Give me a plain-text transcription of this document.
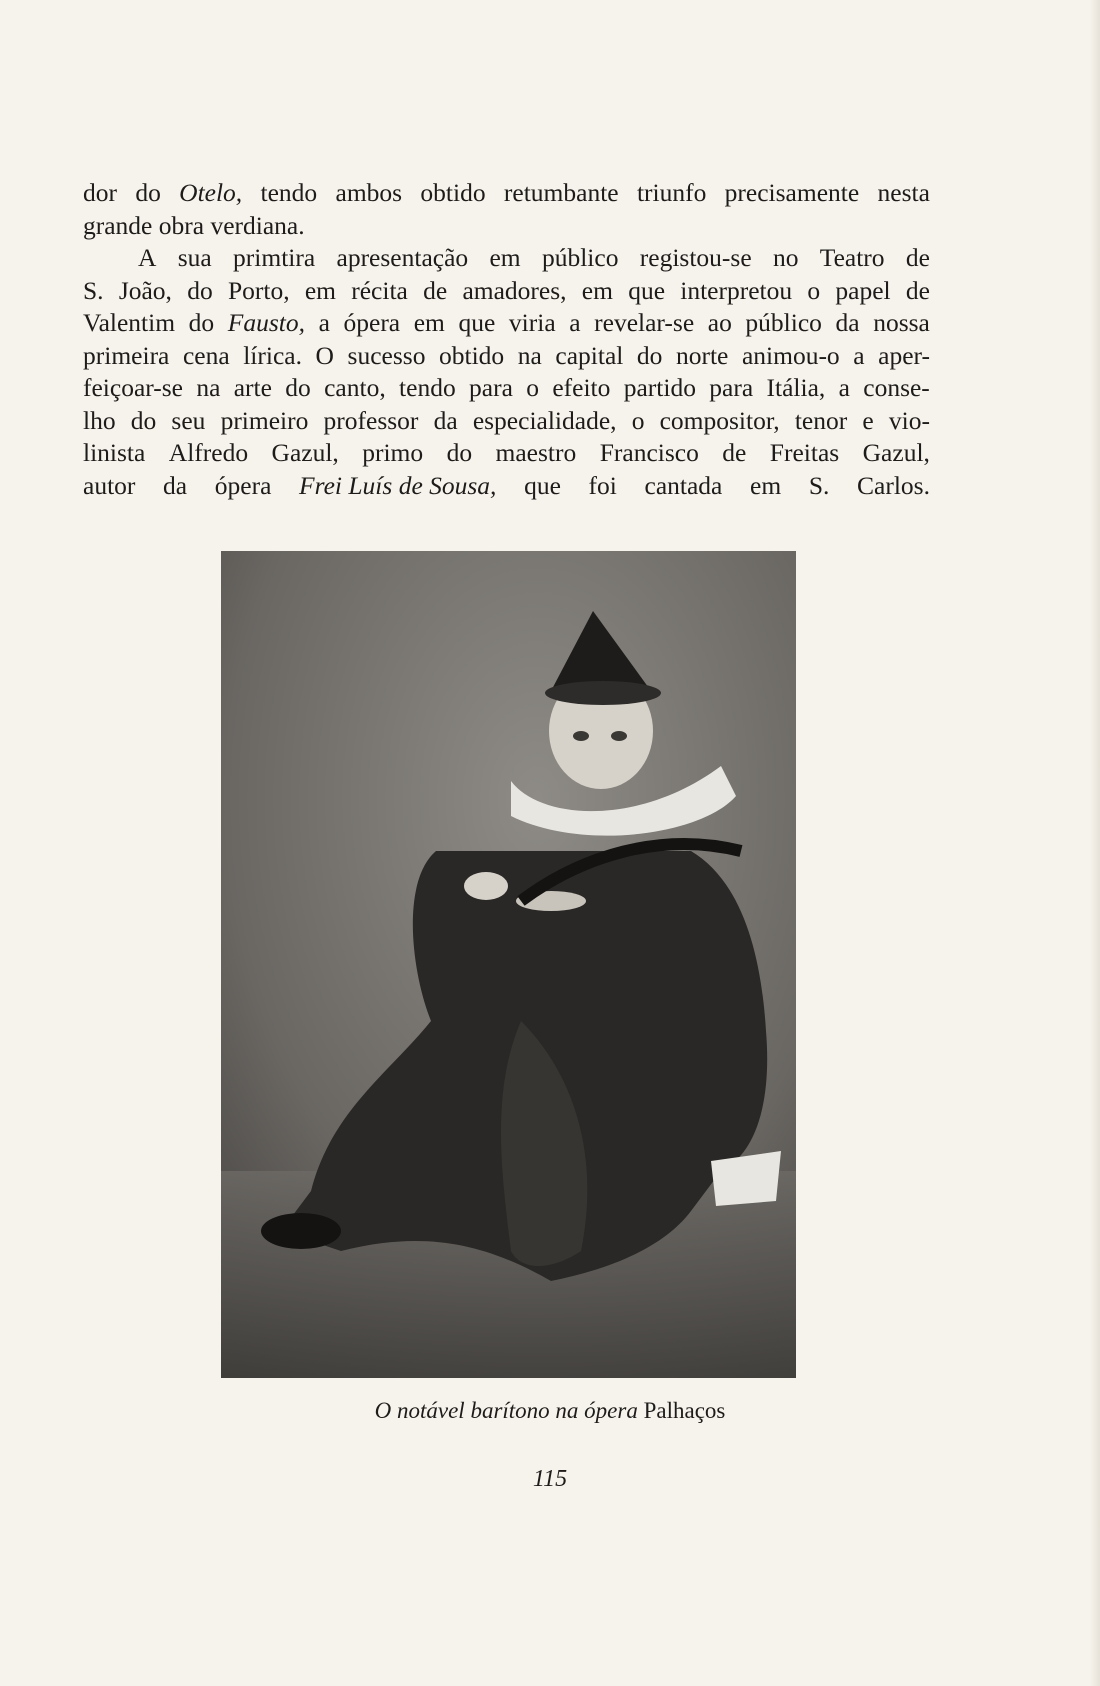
dor do Otelo, tendo ambos obtido retumbante triunfo precisamente nesta
grande obra verdiana.
A sua primtira apresentação em público registou-se no Teatro de
S. João, do Porto, em récita de amadores, em que interpretou o papel de
Valentim do Fausto, a ópera em que viria a revelar-se ao público da nossa
primeira cena lírica. O sucesso obtido na capital do norte animou-o a aper-
feiçoar-se na arte do canto, tendo para o efeito partido para Itália, a conse-
lho do seu primeiro professor da especialidade, o compositor, tenor e vio-
linista Alfredo Gazul, primo do maestro Francisco de Freitas Gazul,
autor da ópera Frei Luís de Sousa, que foi cantada em S. Carlos.
O notável barítono na ópera Palhaços
115
